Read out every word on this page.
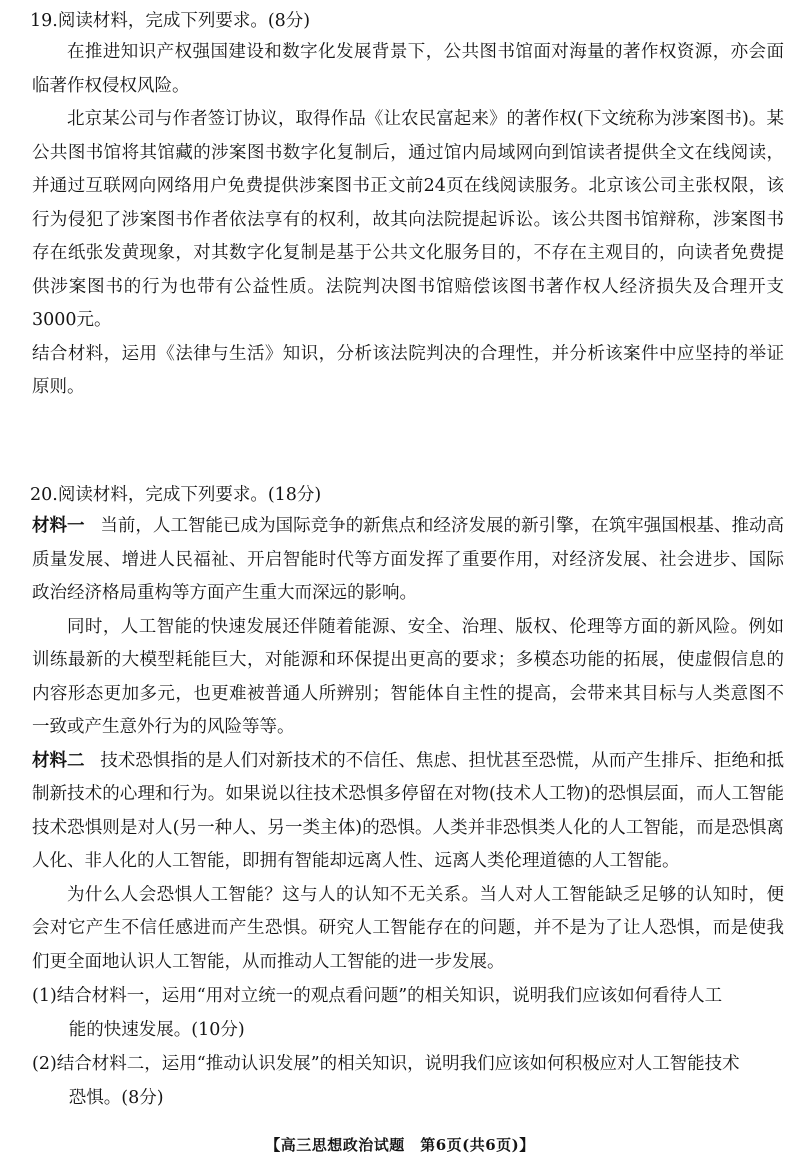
19.阅读材料，完成下列要求。(8分)

在推进知识产权强国建设和数字化发展背景下，公共图书馆面对海量的著作权资源，亦会面临著作权侵权风险。

北京某公司与作者签订协议，取得作品《让农民富起来》的著作权(下文统称为涉案图书)。某公共图书馆将其馆藏的涉案图书数字化复制后，通过馆内局域网向到馆读者提供全文在线阅读，并通过互联网向网络用户免费提供涉案图书正文前24页在线阅读服务。北京该公司主张权限，该行为侵犯了涉案图书作者依法享有的权利，故其向法院提起诉讼。该公共图书馆辩称，涉案图书存在纸张发黄现象，对其数字化复制是基于公共文化服务目的，不存在主观目的，向读者免费提供涉案图书的行为也带有公益性质。法院判决图书馆赔偿该图书著作权人经济损失及合理开支3000元。

结合材料，运用《法律与生活》知识，分析该法院判决的合理性，并分析该案件中应坚持的举证原则。

20.阅读材料，完成下列要求。(18分)

材料一 当前，人工智能已成为国际竞争的新焦点和经济发展的新引擎，在筑牢强国根基、推动高质量发展、增进人民福祉、开启智能时代等方面发挥了重要作用，对经济发展、社会进步、国际政治经济格局重构等方面产生重大而深远的影响。

同时，人工智能的快速发展还伴随着能源、安全、治理、版权、伦理等方面的新风险。例如训练最新的大模型耗能巨大，对能源和环保提出更高的要求；多模态功能的拓展，使虚假信息的内容形态更加多元，也更难被普通人所辨别；智能体自主性的提高，会带来其目标与人类意图不一致或产生意外行为的风险等等。

材料二 技术恐惧指的是人们对新技术的不信任、焦虑、担忧甚至恐慌，从而产生排斥、拒绝和抵制新技术的心理和行为。如果说以往技术恐惧多停留在对物(技术人工物)的恐惧层面，而人工智能技术恐惧则是对人(另一种人、另一类主体)的恐惧。人类并非恐惧类人化的人工智能，而是恐惧离人化、非人化的人工智能，即拥有智能却远离人性、远离人类伦理道德的人工智能。

为什么人会恐惧人工智能？这与人的认知不无关系。当人对人工智能缺乏足够的认知时，便会对它产生不信任感进而产生恐惧。研究人工智能存在的问题，并不是为了让人恐惧，而是使我们更全面地认识人工智能，从而推动人工智能的进一步发展。

(1)结合材料一，运用“用对立统一的观点看问题”的相关知识，说明我们应该如何看待人工
能的快速发展。(10分)

(2)结合材料二，运用“推动认识发展”的相关知识，说明我们应该如何积极应对人工智能技术
恐惧。(8分)

【高三思想政治试题　第6页(共6页)】
